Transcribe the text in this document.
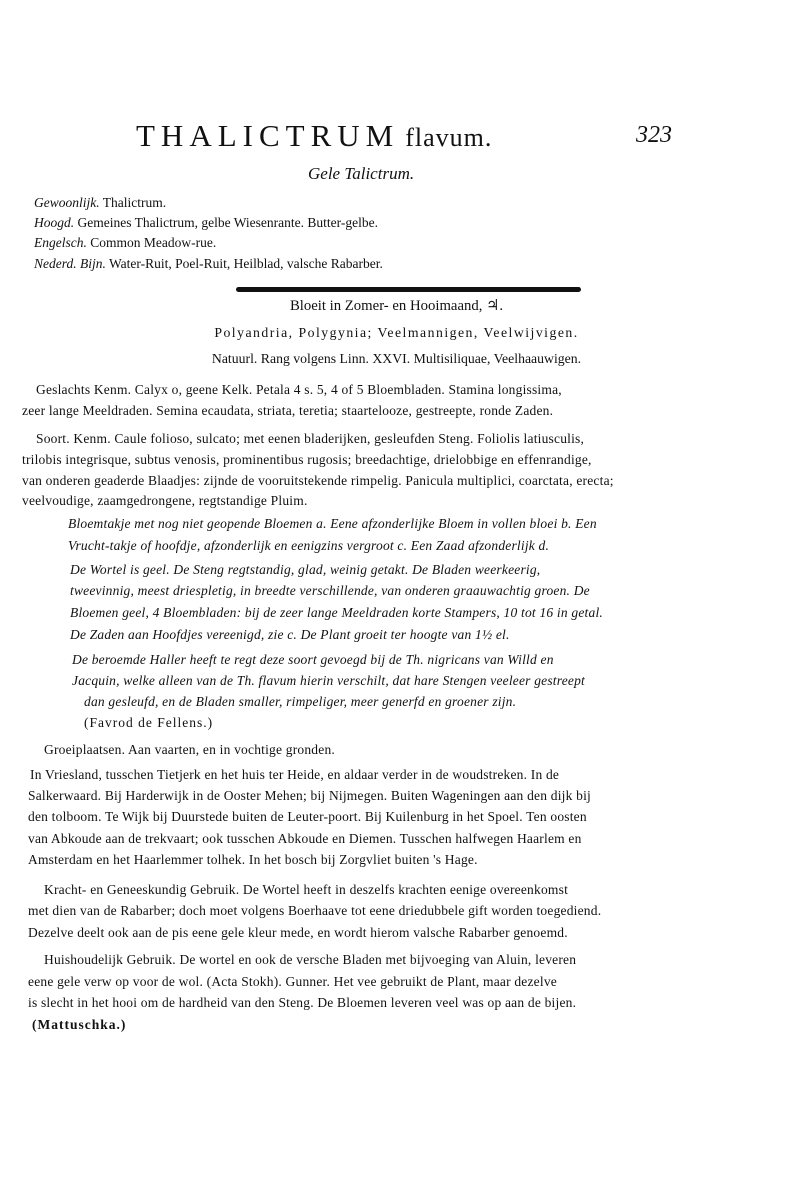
THALICTRUM flavum.	323
Gele Talictrum.
Gewoonlijk. Thalictrum.
Hoogd. Gemeines Thalictrum, gelbe Wiesenrante. Butter-gelbe.
Engelsch. Common Meadow-rue.
Nederd. Bijn. Water-Ruit, Poel-Ruit, Heilblad, valsche Rabarber.
Bloeit in Zomer- en Hooimaand, ♃.
Polyandria, Polygynia; Veelmannigen, Veelwijvigen.
Natuurl. Rang volgens Linn. XXVI. Multisiliquae, Veelhaauwigen.
Geslachts Kenm. Calyx o, geene Kelk. Petala 4 s. 5, 4 of 5 Bloembladen. Stamina longissima,
zeer lange Meeldraden. Semina ecaudata, striata, teretia; staartelooze, gestreepte, ronde Zaden.
Soort. Kenm. Caule folioso, sulcato; met eenen bladerijken, gesleufden Steng. Foliolis latiusculis,
trilobis integrisque, subtus venosis, prominentibus rugosis; breedachtige, drielobbige en effenrandige,
van onderen geaderde Blaadjes: zijnde de vooruitstekende rimpelig. Panicula multiplici, coarctata, erecta;
veelvoudige, zaamgedrongene, regtstandige Pluim.
Bloemtakje met nog niet geopende Bloemen a. Eene afzonderlijke Bloem in vollen bloei b. Een
Vrucht-takje of hoofdje, afzonderlijk en eenigzins vergroot c. Een Zaad afzonderlijk d.
De Wortel is geel. De Steng regtstandig, glad, weinig getakt. De Bladen weerkeerig,
tweevinnig, meest driespletig, in breedte verschillende, van onderen graauwachtig groen. De
Bloemen geel, 4 Bloembladen: bij de zeer lange Meeldraden korte Stampers, 10 tot 16 in getal.
De Zaden aan Hoofdjes vereenigd, zie c. De Plant groeit ter hoogte van 1½ el.
De beroemde Haller heeft te regt deze soort gevoegd bij de Th. nigricans van Willd en
Jacquin, welke alleen van de Th. flavum hierin verschilt, dat hare Stengen veeleer gestreept
dan gesleufd, en de Bladen smaller, rimpeliger, meer generfd en groener zijn.
(Favrod de Fellens.)
Groeiplaatsen. Aan vaarten, en in vochtige gronden.
In Vriesland, tusschen Tietjerk en het huis ter Heide, en aldaar verder in de woudstreken. In de
Salkerwaard. Bij Harderwijk in de Ooster Mehen; bij Nijmegen. Buiten Wageningen aan den dijk bij
den tolboom. Te Wijk bij Duurstede buiten de Leuter-poort. Bij Kuilenburg in het Spoel. Ten oosten
van Abkoude aan de trekvaart; ook tusschen Abkoude en Diemen. Tusschen halfwegen Haarlem en
Amsterdam en het Haarlemmer tolhek. In het bosch bij Zorgvliet buiten 's Hage.
Kracht- en Geneeskundig Gebruik. De Wortel heeft in deszelfs krachten eenige overeenkomst
met dien van de Rabarber; doch moet volgens Boerhaave tot eene driedubbele gift worden toegediend.
Dezelve deelt ook aan de pis eene gele kleur mede, en wordt hierom valsche Rabarber genoemd.
Huishoudelijk Gebruik. De wortel en ook de versche Bladen met bijvoeging van Aluin, leveren
eene gele verw op voor de wol. (Acta Stokh). Gunner. Het vee gebruikt de Plant, maar dezelve
is slecht in het hooi om de hardheid van den Steng. De Bloemen leveren veel was op aan de bijen.
(Mattuschka.)
